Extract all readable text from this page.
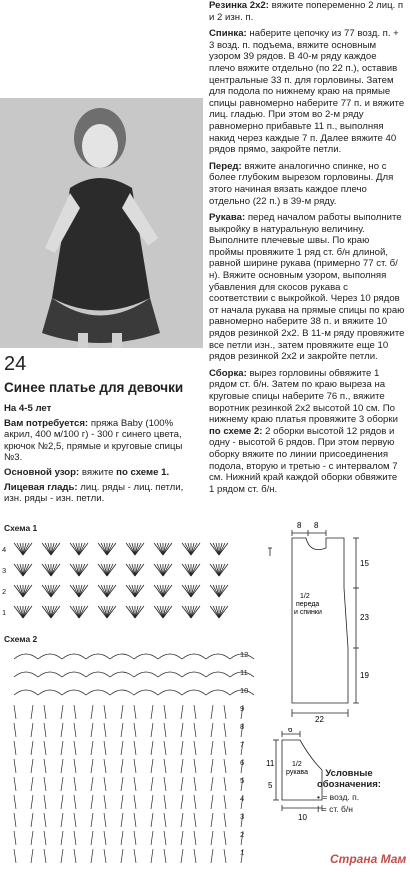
Резинка 2х2: вяжите попеременно 2 лиц. п и 2 изн. п.

Спинка: наберите цепочку из 77 возд. п. + 3 возд. п. подъема, вяжите основным узором 39 рядов. В 40-м ряду каждое плечо вяжите отдельно (по 22 п.), оставив центральные 33 п. для горловины. Затем для подола по нижнему краю на прямые спицы равномерно наберите 77 п. и вяжите лиц. гладью. При этом во 2-м ряду равномерно прибавьте 11 п., выполняя накид через каждые 7 п. Далее вяжите 40 рядов прямо, закройте петли.

Перед: вяжите аналогично спинке, но с более глубоким вырезом горловины. Для этого начиная вязать каждое плечо отдельно (22 п.) в 39-м ряду.

Рукава: перед началом работы выполните выкройку в натуральную величину. Выполните плечевые швы. По краю проймы провяжите 1 ряд ст. б/н длиной, равной ширине рукава (примерно 77 ст. б/н). Вяжите основным узором, выполняя убавления для скосов рукава с соответствии с выкройкой. Через 10 рядов от начала рукава на прямые спицы по краю равномерно наберите 38 п. и вяжите 10 рядов резинкой 2х2. В 11-м ряду провяжите все петли изн., затем провяжите еще 10 рядов резинкой 2х2 и закройте петли.

Сборка: вырез горловины обвяжите 1 рядом ст. б/н. Затем по краю выреза на круговые спицы наберите 76 п., вяжите воротник резинкой 2х2 высотой 10 см. По нижнему краю платья провяжите 3 оборки по схеме 2: 2 оборки высотой 12 рядов и одну - высотой 6 рядов. При этом первую оборку вяжите по линии присоединения подола, вторую и третью - с интервалом 7 см. Нижний край каждой оборки обвяжите 1 рядом ст. б/н.

24
Синее платье для девочки

На 4-5 лет

Вам потребуется: пряжа Baby (100% акрил, 400 м/100 г) - 300 г синего цвета, крючок №2,5, прямые и круговые спицы №3.

Основной узор: вяжите по схеме 1.

Лицевая гладь: лиц. ряды - лиц. петли, изн. ряды - изн. петли.

Схема 1
4
3
2
1
Схема 2
12
11
10
9
8
7
6
5
4
3
2
1
8 8
15
23
19
22
1/2
переда
и спинки
6
11
5
10
1/2
рукава	Условные
обозначения:
• = возд. п.
I = ст. б/н
Страна Мам
